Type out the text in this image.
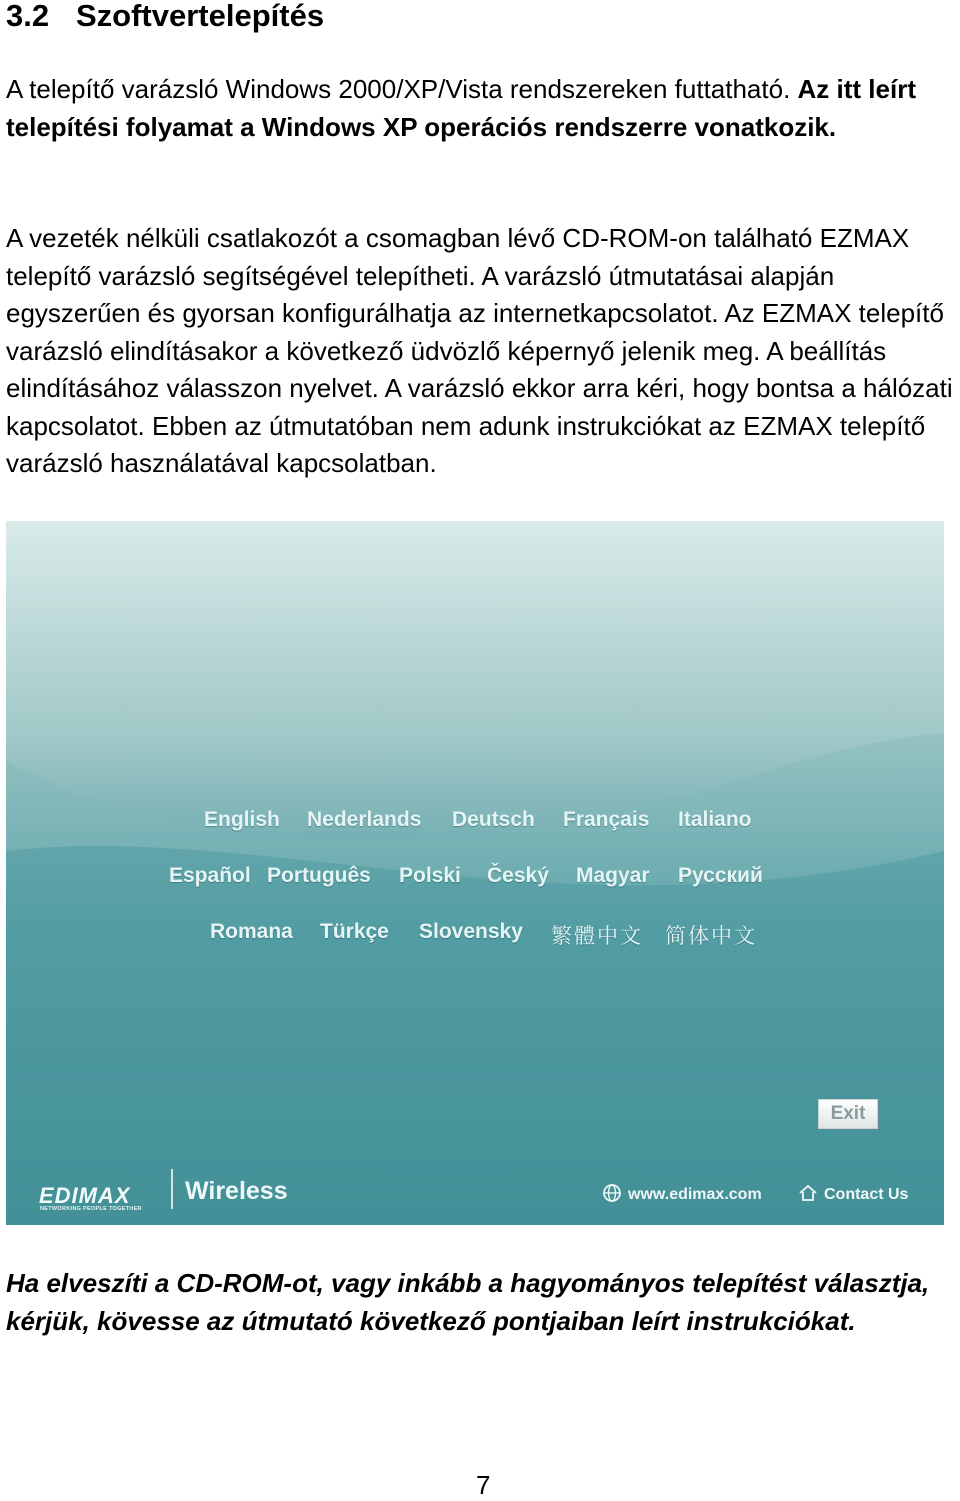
3.2 Szoftvertelepítés

A telepítő varázsló Windows 2000/XP/Vista rendszereken futtatható. Az itt leírt telepítési folyamat a Windows XP operációs rendszerre vonatkozik.

A vezeték nélküli csatlakozót a csomagban lévő CD-ROM-on található EZMAX telepítő varázsló segítségével telepítheti. A varázsló útmutatásai alapján egyszerűen és gyorsan konfigurálhatja az internetkapcsolatot. Az EZMAX telepítő varázsló elindításakor a következő üdvözlő képernyő jelenik meg. A beállítás elindításához válasszon nyelvet. A varázsló ekkor arra kéri, hogy bontsa a hálózati kapcsolatot. Ebben az útmutatóban nem adunk instrukciókat az EZMAX telepítő varázsló használatával kapcsolatban.

English Nederlands Deutsch Français Italiano
Español Português Polski Český Magyar Русский
Romana Türkçe Slovensky 繁體中文 简体中文
Exit
EDIMAX
NETWORKING PEOPLE TOGETHER
Wireless	www.edimax.com	Contact Us

Ha elveszíti a CD-ROM-ot, vagy inkább a hagyományos telepítést választja, kérjük, kövesse az útmutató következő pontjaiban leírt instrukciókat.

7
